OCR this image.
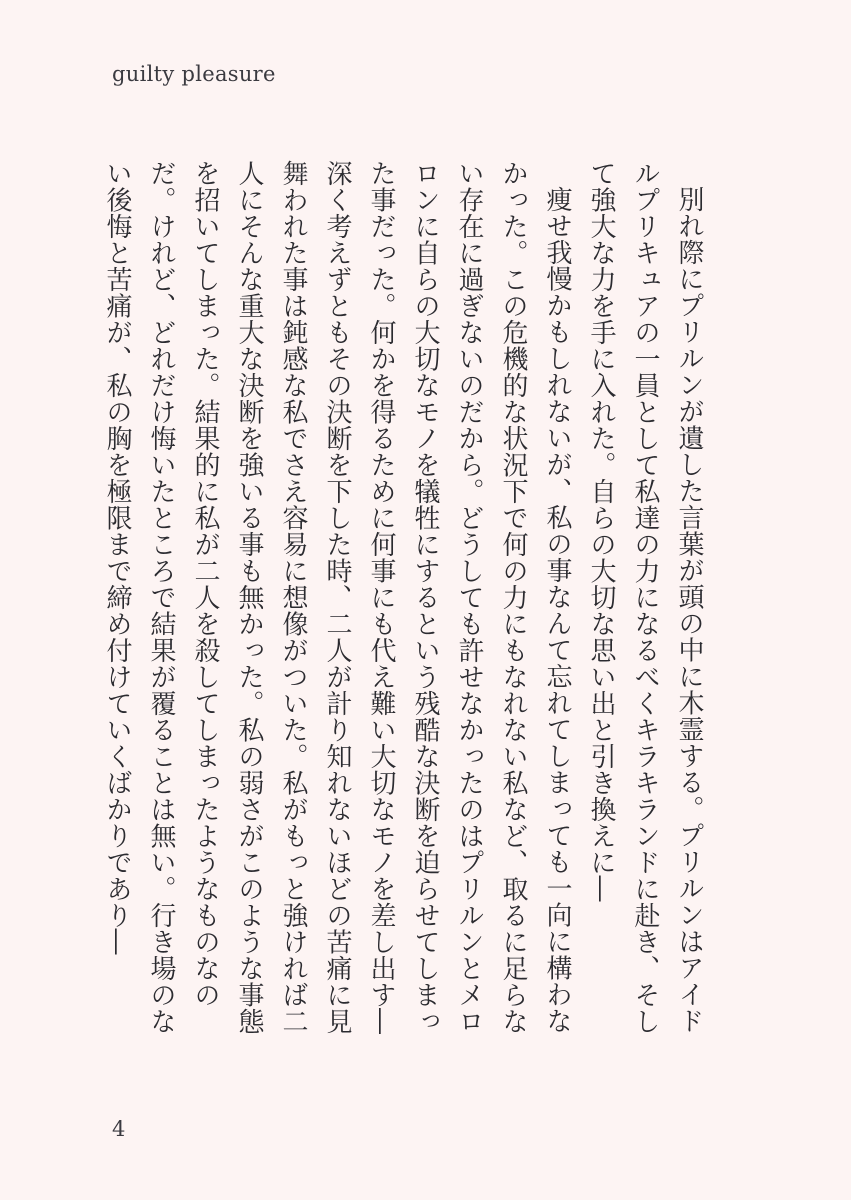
guilty pleasure

別れ際にプリルンが遺した言葉が頭の中に木霊する。プリルンはアイドルプリキュアの一員として私達の力になるべくキラキランドに赴き、そして強大な力を手に入れた。自らの大切な思い出と引き換えに―

痩せ我慢かもしれないが、私の事なんて忘れてしまっても一向に構わなかった。この危機的な状況下で何の力にもなれない私など、取るに足らない存在に過ぎないのだから。どうしても許せなかったのはプリルンとメロロンに自らの大切なモノを犠牲にするという残酷な決断を迫らせてしまった事だった。何かを得るために何事にも代え難い大切なモノを差し出す―深く考えずともその決断を下した時、二人が計り知れないほどの苦痛に見舞われた事は鈍感な私でさえ容易に想像がついた。私がもっと強ければ二人にそんな重大な決断を強いる事も無かった。私の弱さがこのような事態を招いてしまった。結果的に私が二人を殺してしまったようなものなのだ。けれど、どれだけ悔いたところで結果が覆ることは無い。行き場のない後悔と苦痛が、私の胸を極限まで締め付けていくばかりであり―

4
